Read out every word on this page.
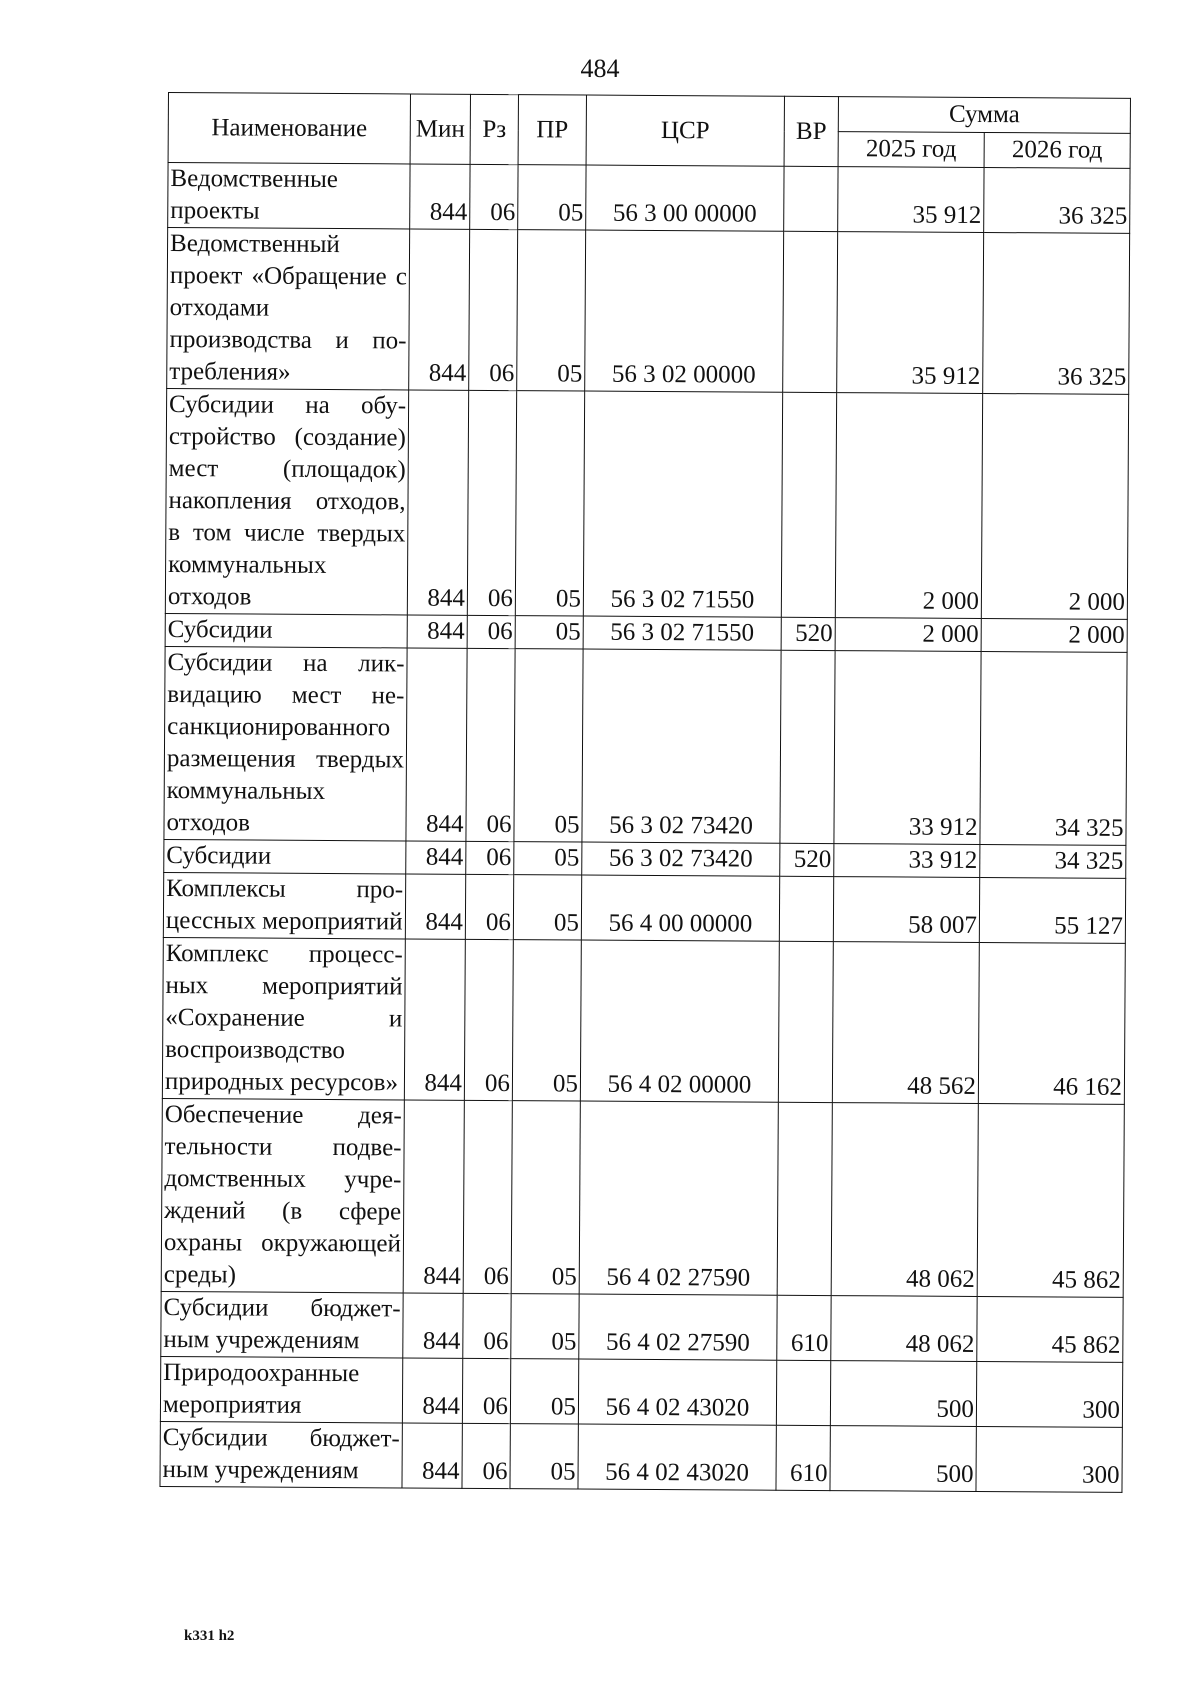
484
Наименование	Мин	Рз	ПР	ЦСР	ВР	Сумма	
						2025 год	2026 год
Ведомственные проекты	844	06	05	56 3 00 00000		35 912	36 325
Ведомственный проект «Обращение с отходами производства и потребления»	844	06	05	56 3 02 00000		35 912	36 325
Субсидии на обустройство (создание) мест (площадок) накопления отходов, в том числе твердых коммунальных отходов	844	06	05	56 3 02 71550		2 000	2 000
Субсидии	844	06	05	56 3 02 71550	520	2 000	2 000
Субсидии на ликвидацию мест несанкционированного размещения твердых коммунальных отходов	844	06	05	56 3 02 73420		33 912	34 325
Субсидии	844	06	05	56 3 02 73420	520	33 912	34 325
Комплексы процессных мероприятий	844	06	05	56 4 00 00000		58 007	55 127
Комплекс процессных мероприятий «Сохранение и воспроизводство природных ресурсов»	844	06	05	56 4 02 00000		48 562	46 162
Обеспечение деятельности подведомственных учреждений (в сфере охраны окружающей среды)	844	06	05	56 4 02 27590		48 062	45 862
Субсидии бюджетным учреждениям	844	06	05	56 4 02 27590	610	48 062	45 862
Природоохранные мероприятия	844	06	05	56 4 02 43020		500	300
Субсидии бюджетным учреждениям	844	06	05	56 4 02 43020	610	500	300
k331 h2
